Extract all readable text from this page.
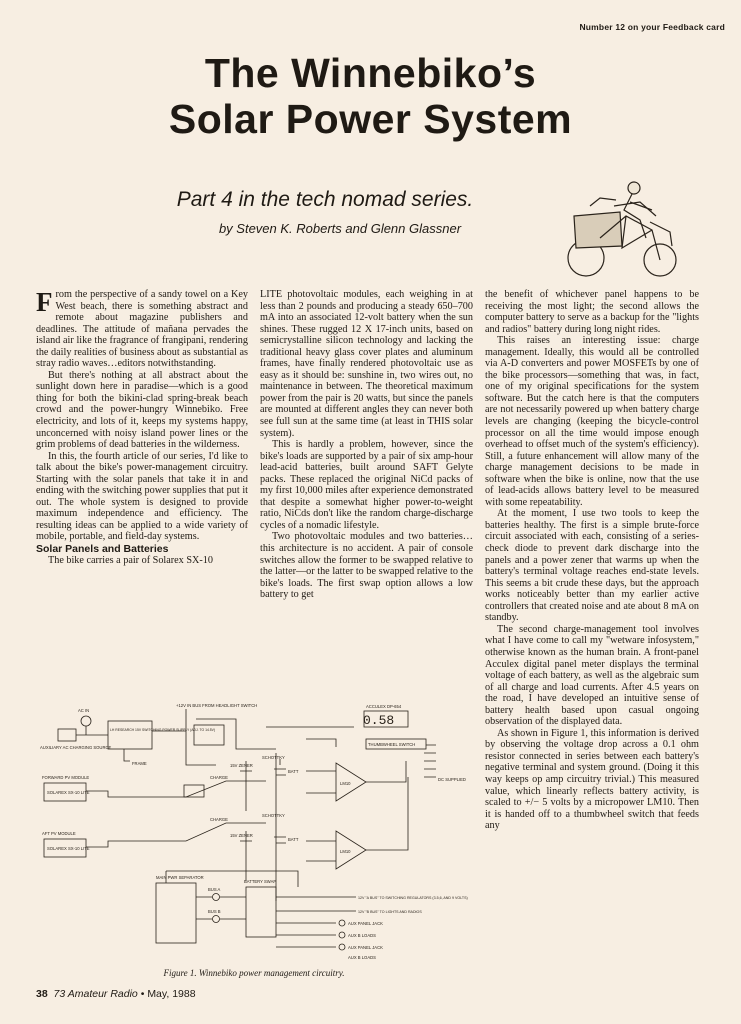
Number 12 on your Feedback card
The Winnebiko’s
Solar Power System
Part 4 in the tech nomad series.
by Steven K. Roberts and Glenn Glassner

From the perspective of a sandy towel on a Key West beach, there is something abstract and remote about magazine publishers and deadlines. The attitude of mañana pervades the island air like the fragrance of frangipani, rendering the daily realities of business about as substantial as stray radio waves…editors notwithstanding.

But there's nothing at all abstract about the sunlight down here in paradise—which is a good thing for both the bikini-clad spring-break beach crowd and the power-hungry Winnebiko. Free electricity, and lots of it, keeps my systems happy, unconcerned with noisy island power lines or the grim problems of dead batteries in the wilderness.

In this, the fourth article of our series, I'd like to talk about the bike's power-management circuitry. Starting with the solar panels that take it in and ending with the switching power supplies that put it out. The whole system is designed to provide maximum independence and efficiency. The resulting ideas can be applied to a wide variety of mobile, portable, and field-day systems.

Solar Panels and Batteries

The bike carries a pair of Solarex SX-10

LITE photovoltaic modules, each weighing in at less than 2 pounds and producing a steady 650–700 mA into an associated 12-volt battery when the sun shines. These rugged 12 X 17-inch units, based on semicrystalline silicon technology and lacking the traditional heavy glass cover plates and aluminum frames, have finally rendered photovoltaic use as easy as it should be: sunshine in, two wires out, no maintenance in between. The theoretical maximum power from the pair is 20 watts, but since the panels are mounted at different angles they can never both see full sun at the same time (at least in THIS solar system).

This is hardly a problem, however, since the bike's loads are supported by a pair of six amp-hour lead-acid batteries, built around SAFT Gelyte packs. These replaced the original NiCd packs of my first 10,000 miles after experience demonstrated that despite a somewhat higher power-to-weight ratio, NiCds don't like the random charge-discharge cycles of a nomadic lifestyle.

Two photovoltaic modules and two batteries… this architecture is no accident. A pair of console switches allow the former to be swapped relative to the latter—or the latter to be swapped relative to the bike's loads. The first swap option allows a low battery to get

the benefit of whichever panel happens to be receiving the most light; the second allows the computer battery to serve as a backup for the "lights and radios" battery during long night rides.

This raises an interesting issue: charge management. Ideally, this would all be controlled via A-D converters and power MOSFETs by one of the bike processors—something that was, in fact, one of my original specifications for the system software. But the catch here is that the computers are not necessarily powered up when battery charge levels are changing (keeping the bicycle-control processor on all the time would impose enough overhead to offset much of the system's efficiency). Still, a future enhancement will allow many of the charge management decisions to be made in software when the bike is online, now that the use of lead-acids allows battery level to be measured with some repeatability.

At the moment, I use two tools to keep the batteries healthy. The first is a simple brute-force circuit associated with each, consisting of a series-check diode to prevent dark discharge into the panels and a power zener that warms up when the battery's terminal voltage reaches end-state levels. This seems a bit crude these days, but the approach works noticeably better than my earlier active controllers that created noise and ate about 8 mA on standby.

The second charge-management tool involves what I have come to call my "wetware infosystem," otherwise known as the human brain. A front-panel Acculex digital panel meter displays the terminal voltage of each battery, as well as the algebraic sum of all charge and load currents. After 4.5 years on the road, I have developed an intuitive sense of battery health based upon casual ongoing observation of the displayed data.

As shown in Figure 1, this information is derived by observing the voltage drop across a 0.1 ohm resistor connected in series between each battery's negative terminal and system ground. (Doing it this way keeps op amp circuitry trivial.) This measured value, which linearly reflects battery activity, is scaled to +/− 5 volts by a micropower LM10. Then it is handed off to a thumbwheel switch that feeds any

0.58
AC IN
AUXILIARY AC CHARGING SOURCE
LH RESEARCH 15V SWITCHING POWER SUPPLY (ADJ. TO 14.5V)
FRAME
FORWARD PV MODULE
SOLAREX SX-10 LITE
AFT PV MODULE
SOLAREX SX-10 LITE
+12V IN BUS FROM HEADLIGHT SWITCH	ACCULEX DP-654
THUMBWHEEL SWITCH
SCHOTTKY
SCHOTTKY
15V ZENER
15V ZENER
LM10
LM10
BATT
BATT
CHARGE
CHARGE
MAIN PWR SEPARATOR
BATTERY SWAP
BUS A
BUS B
12V "A BUS" TO SWITCHING REGULATORS (3.5,6, AND 9 VOLTS)
12V "B BUS" TO LIGHTS AND RADIOS
AUX PANEL JACK
AUX B LOADS
AUX PANEL JACK
AUX B LOADS
DC SUPPLIED
Figure 1. Winnebiko power management circuitry.
38 73 Amateur Radio • May, 1988
